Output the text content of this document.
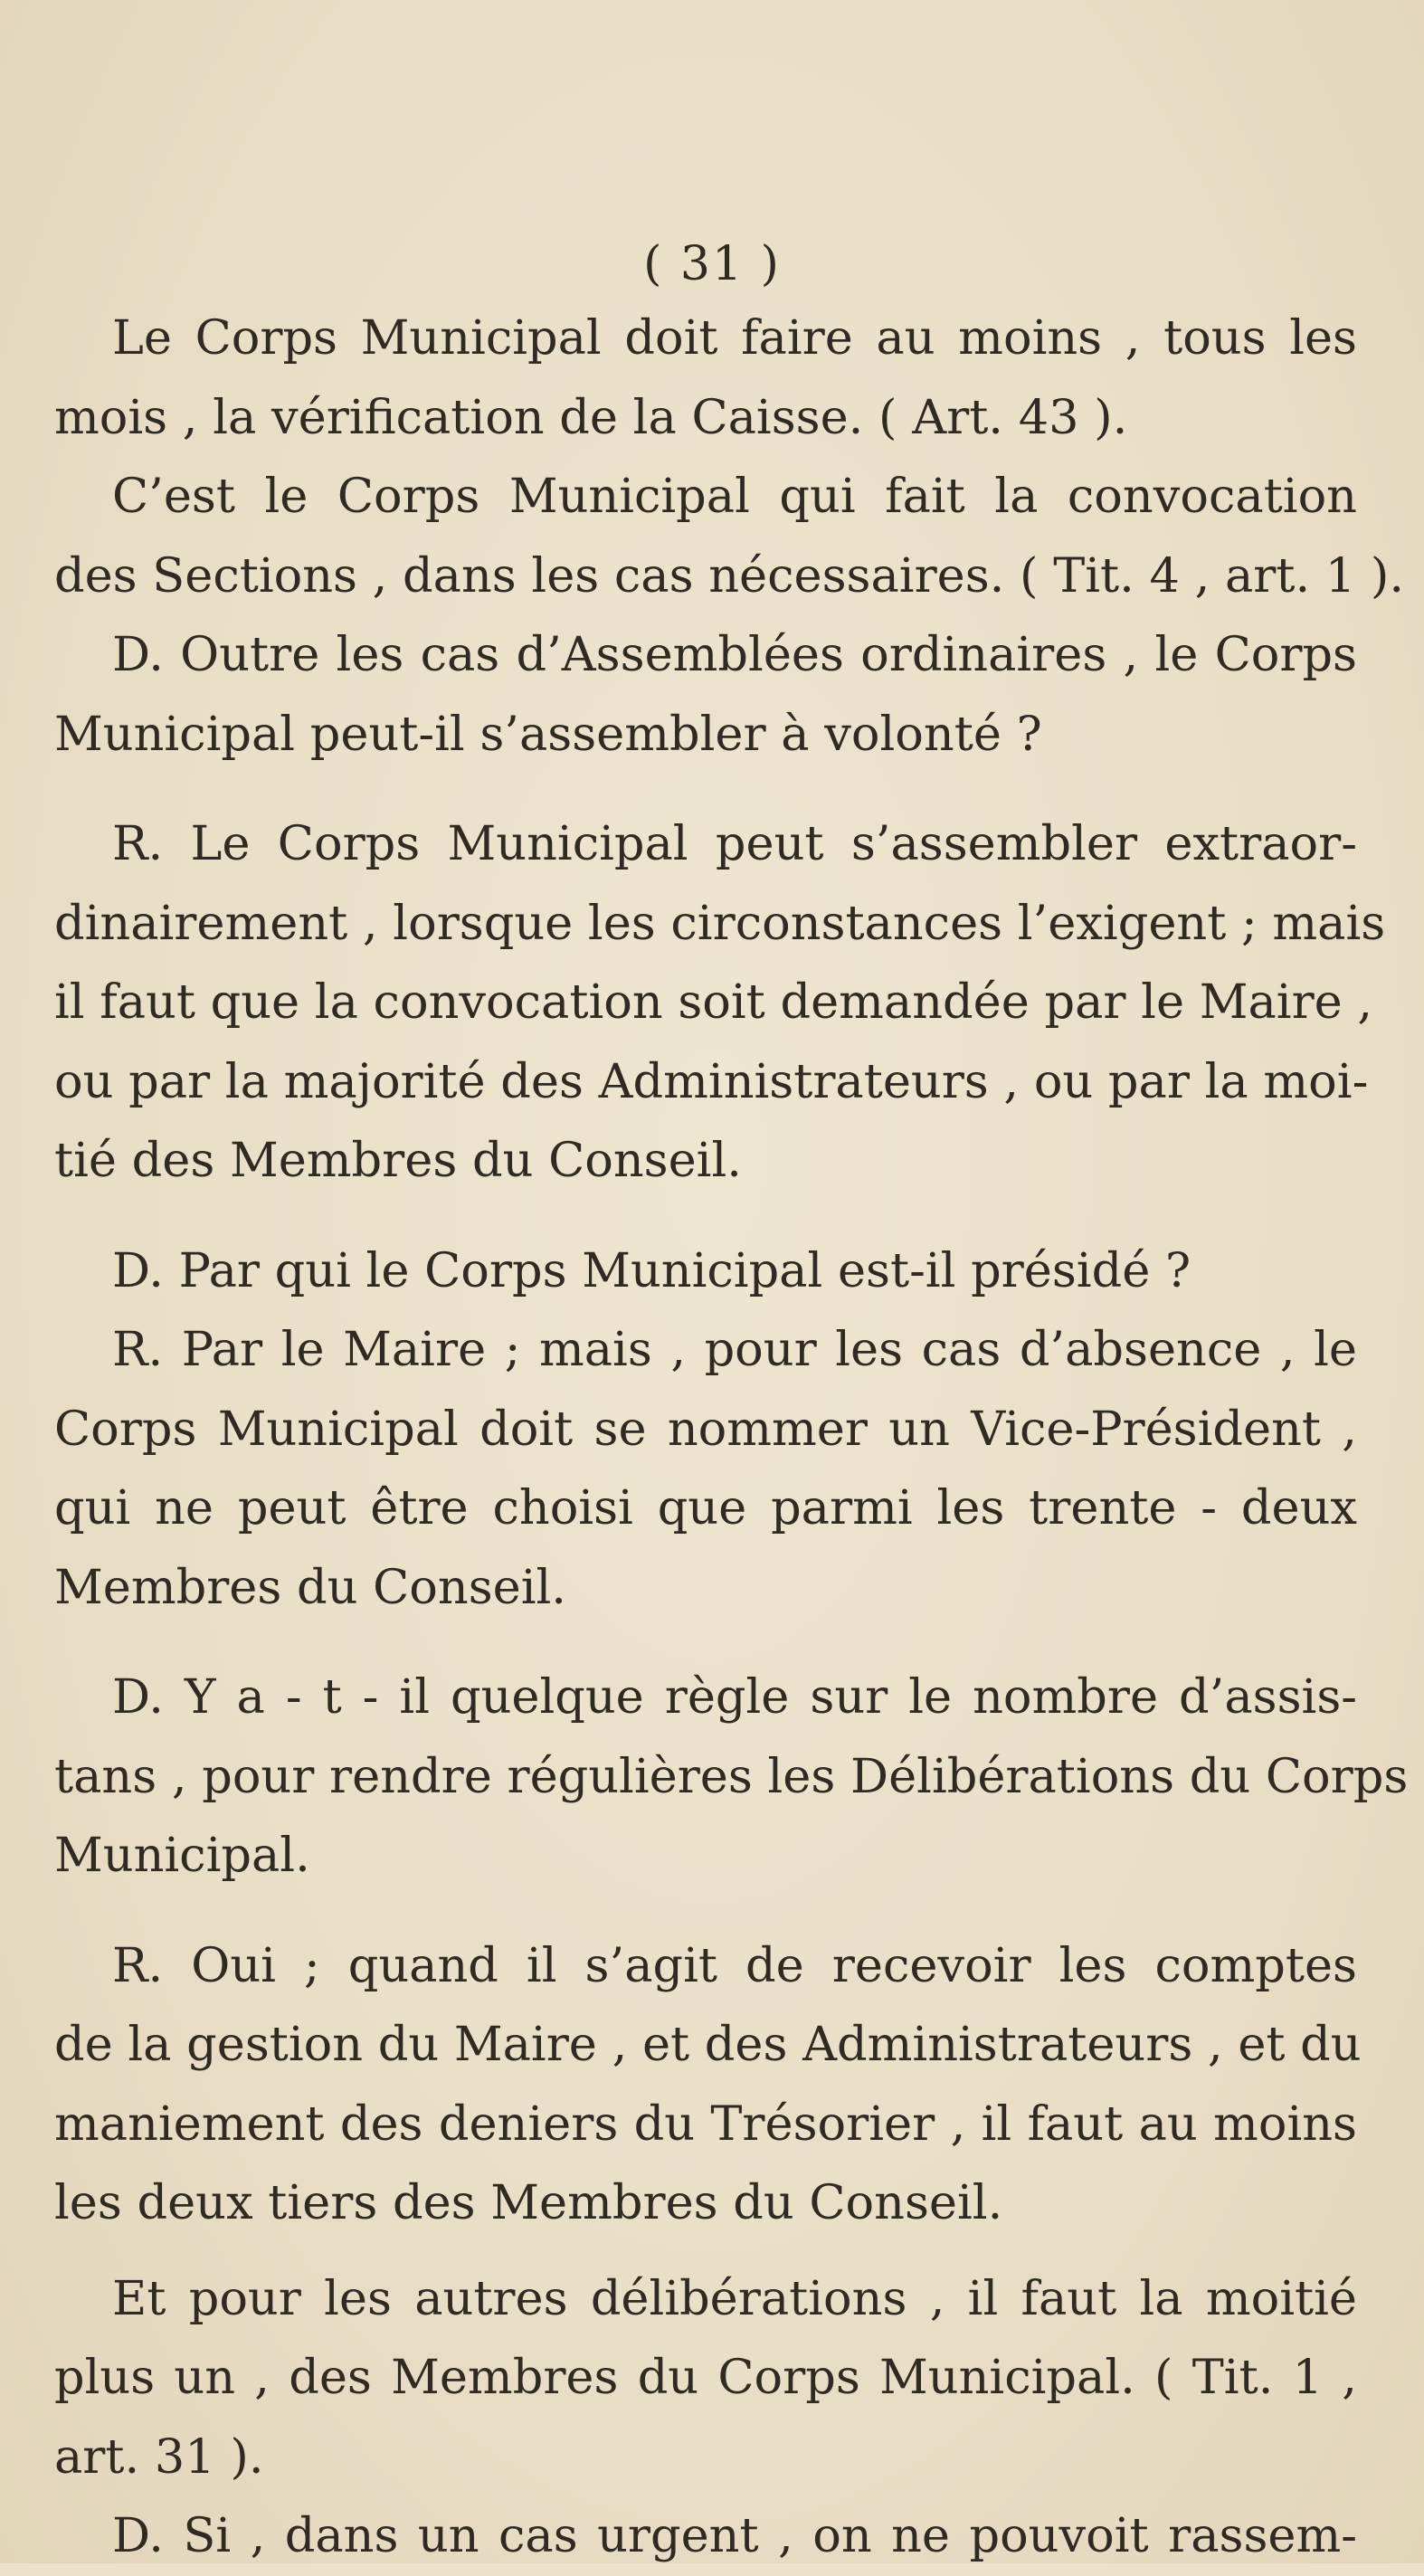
( 31 )
Le Corps Municipal doit faire au moins , tous les
mois , la vérification de la Caisse. ( Art. 43 ).
C’est le Corps Municipal qui fait la convocation
des Sections , dans les cas nécessaires. ( Tit. 4 , art. 1 ).
D. Outre les cas d’Assemblées ordinaires , le Corps
Municipal peut-il s’assembler à volonté ?
R. Le Corps Municipal peut s’assembler extraor-
dinairement , lorsque les circonstances l’exigent ; mais
il faut que la convocation soit demandée par le Maire ,
ou par la majorité des Administrateurs , ou par la moi-
tié des Membres du Conseil.
D. Par qui le Corps Municipal est-il présidé ?
R. Par le Maire ; mais , pour les cas d’absence , le
Corps Municipal doit se nommer un Vice-Président ,
qui ne peut être choisi que parmi les trente - deux
Membres du Conseil.
D. Y a - t - il quelque règle sur le nombre d’assis-
tans , pour rendre régulières les Délibérations du Corps
Municipal.
R. Oui ; quand il s’agit de recevoir les comptes
de la gestion du Maire , et des Administrateurs , et du
maniement des deniers du Trésorier , il faut au moins
les deux tiers des Membres du Conseil.
Et pour les autres délibérations , il faut la moitié
plus un , des Membres du Corps Municipal. ( Tit. 1 ,
art. 31 ).
D. Si , dans un cas urgent , on ne pouvoit rassem-
